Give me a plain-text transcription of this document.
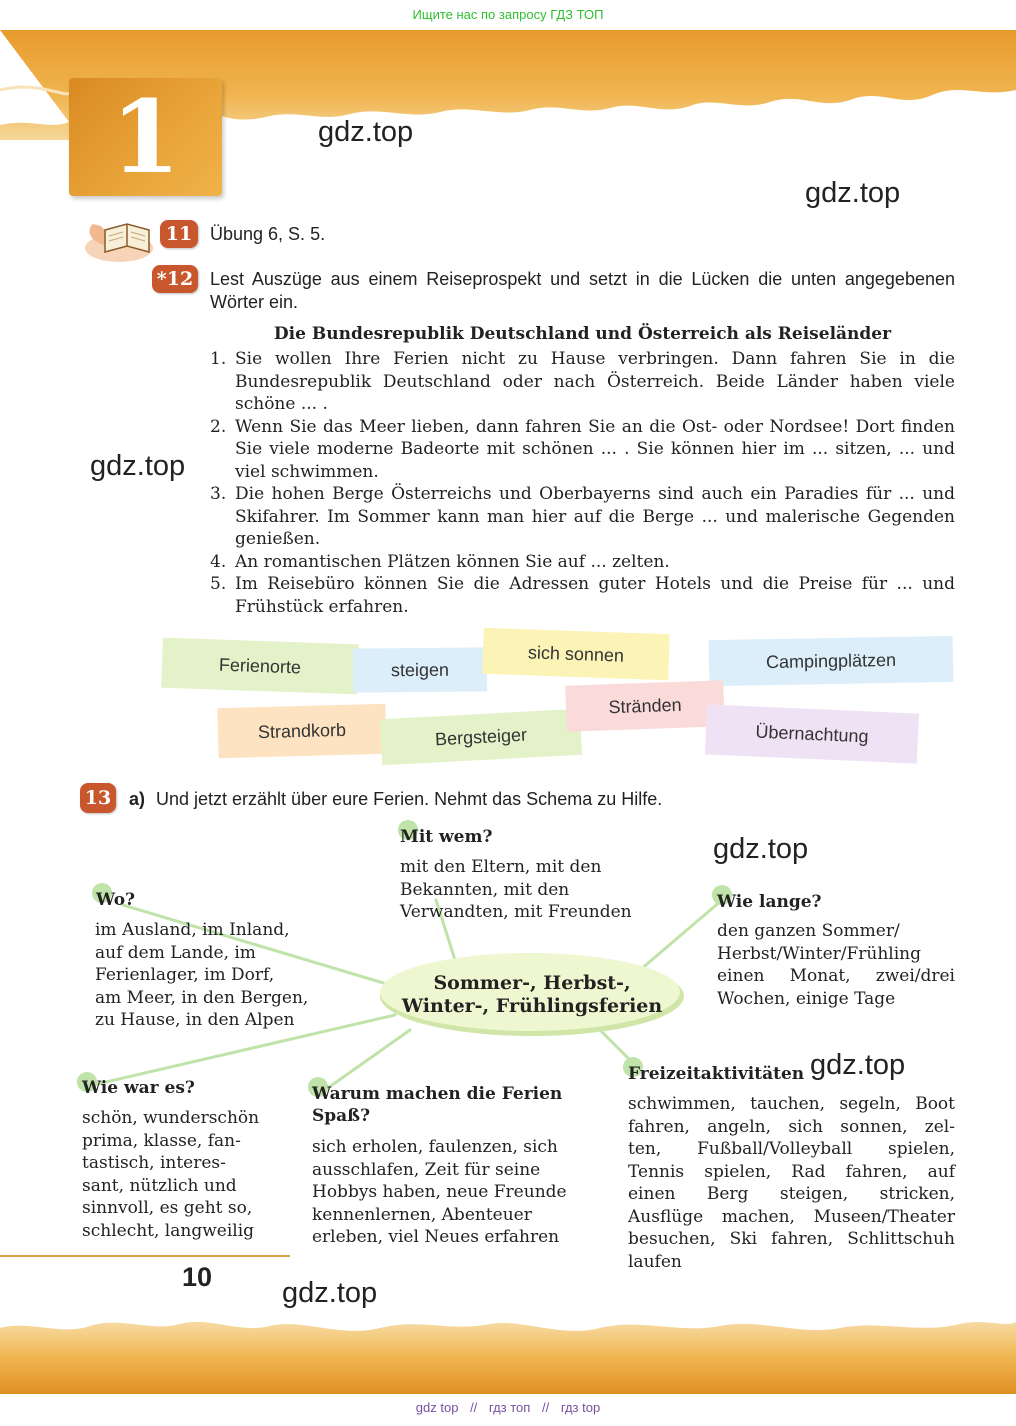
Ищите нас по запросу ГДЗ ТОП
1	gdz.top
gdz.top
gdz.top
gdz.top
gdz.top
gdz.top
11 Übung 6, S. 5.
*12 Lest Auszüge aus einem Reiseprospekt und setzt in die Lücken die unten angegebenen Wörter ein.
Die Bundesrepublik Deutschland und Österreich als Reiseländer
1. Sie wollen Ihre Ferien nicht zu Hause verbringen. Dann fahren Sie in die Bundesrepublik Deutschland oder nach Österreich. Beide Länder haben viele schöne ... .
2. Wenn Sie das Meer lieben, dann fahren Sie an die Ost- oder Nordsee! Dort finden Sie viele moderne Badeorte mit schönen ... . Sie können hier im ... sitzen, ... und viel schwimmen.
3. Die hohen Berge Österreichs und Oberbayerns sind auch ein Paradies für ... und Skifahrer. Im Sommer kann man hier auf die Berge ... und malerische Gegenden genießen.
4. An romantischen Plätzen können Sie auf ... zelten.
5. Im Reisebüro können Sie die Adressen guter Hotels und die Preise für ... und Frühstück erfahren.
Ferienorte	steigen
sich sonnen	Campingplätzen
Strandkorb	Bergsteiger
Stränden
Übernachtung
13 a) Und jetzt erzählt über eure Ferien. Nehmt das Schema zu Hilfe.
Sommer-, Herbst-,
Winter-, Frühlingsferien
Mit wem?
mit den Eltern, mit den
Bekannten, mit den
Verwandten, mit Freunden
Wo?
im Ausland, im Inland,
auf dem Lande, im
Ferienlager, im Dorf,
am Meer, in den Bergen,
zu Hause, in den Alpen
Wie lange?
den ganzen Sommer/
Herbst/Winter/Frühling
einen Monat, zwei/drei
Wochen, einige Tage
Wie war es?
schön, wunderschön
prima, klasse, fan-
tastisch, interes-
sant, nützlich und
sinnvoll, es geht so,
schlecht, langweilig
Warum machen die Ferien
Spaß?
sich erholen, faulenzen, sich
ausschlafen, Zeit für seine
Hobbys haben, neue Freunde
kennenlernen, Abenteuer
erleben, viel Neues erfahren
Freizeitaktivitäten
schwimmen, tauchen, segeln, Boot
fahren, angeln, sich sonnen, zel-
ten, Fußball/Volleyball spielen,
Tennis spielen, Rad fahren, auf
einen Berg steigen, stricken,
Ausflüge machen, Museen/Theater
besuchen, Ski fahren, Schlittschuh
laufen
10
gdz top // гдз топ // гдз top
